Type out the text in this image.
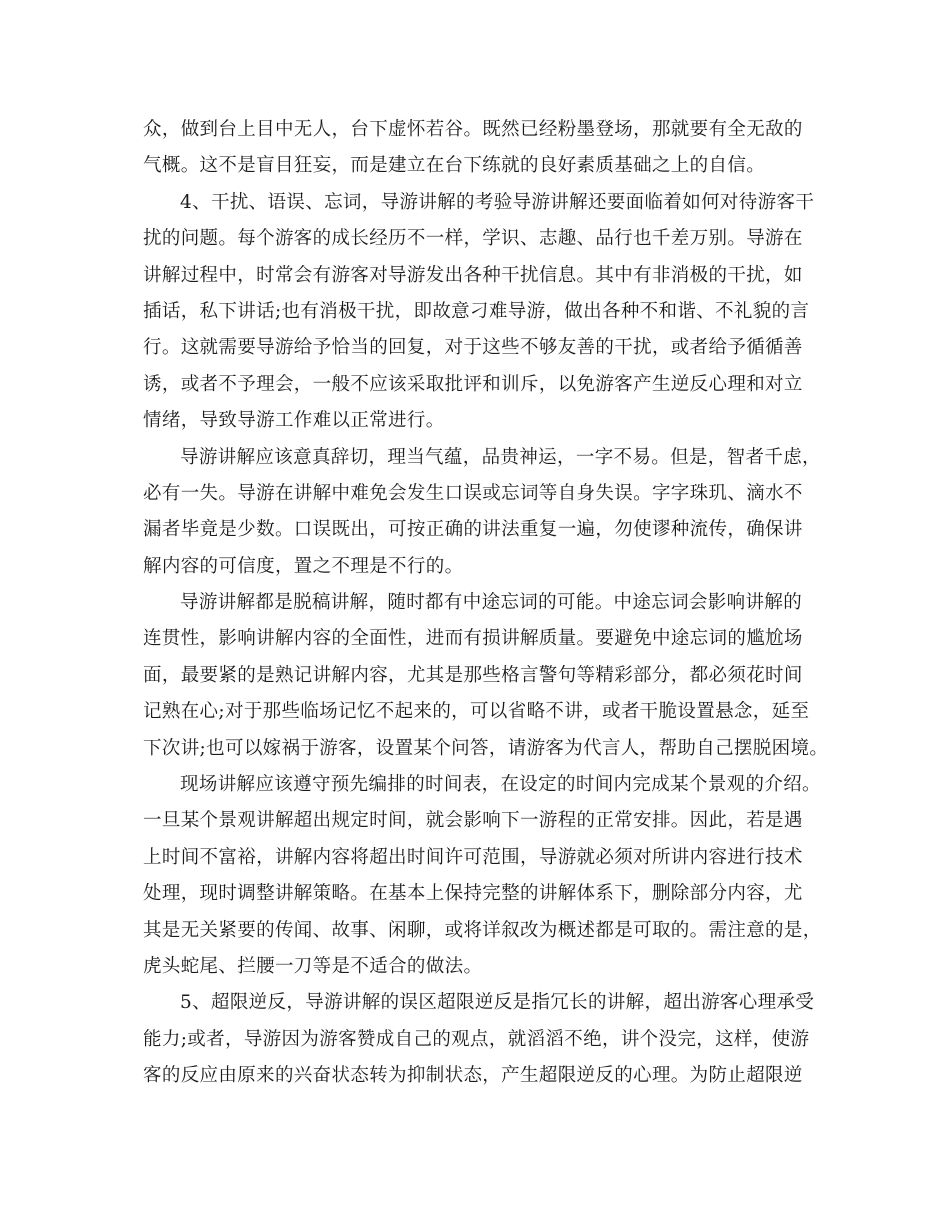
众，做到台上目中无人，台下虚怀若谷。既然已经粉墨登场，那就要有全无敌的
气概。这不是盲目狂妄，而是建立在台下练就的良好素质基础之上的自信。
4、干扰、语误、忘词，导游讲解的考验导游讲解还要面临着如何对待游客干
扰的问题。每个游客的成长经历不一样，学识、志趣、品行也千差万别。导游在
讲解过程中，时常会有游客对导游发出各种干扰信息。其中有非消极的干扰，如
插话，私下讲话;也有消极干扰，即故意刁难导游，做出各种不和谐、不礼貌的言
行。这就需要导游给予恰当的回复，对于这些不够友善的干扰，或者给予循循善
诱，或者不予理会，一般不应该采取批评和训斥，以免游客产生逆反心理和对立
情绪，导致导游工作难以正常进行。
导游讲解应该意真辞切，理当气蕴，品贵神运，一字不易。但是，智者千虑，
必有一失。导游在讲解中难免会发生口误或忘词等自身失误。字字珠玑、滴水不
漏者毕竟是少数。口误既出，可按正确的讲法重复一遍，勿使谬种流传，确保讲
解内容的可信度，置之不理是不行的。
导游讲解都是脱稿讲解，随时都有中途忘词的可能。中途忘词会影响讲解的
连贯性，影响讲解内容的全面性，进而有损讲解质量。要避免中途忘词的尴尬场
面，最要紧的是熟记讲解内容，尤其是那些格言警句等精彩部分，都必须花时间
记熟在心;对于那些临场记忆不起来的，可以省略不讲，或者干脆设置悬念，延至
下次讲;也可以嫁祸于游客，设置某个问答，请游客为代言人，帮助自己摆脱困境。
现场讲解应该遵守预先编排的时间表，在设定的时间内完成某个景观的介绍。
一旦某个景观讲解超出规定时间，就会影响下一游程的正常安排。因此，若是遇
上时间不富裕，讲解内容将超出时间许可范围，导游就必须对所讲内容进行技术
处理，现时调整讲解策略。在基本上保持完整的讲解体系下，删除部分内容，尤
其是无关紧要的传闻、故事、闲聊，或将详叙改为概述都是可取的。需注意的是，
虎头蛇尾、拦腰一刀等是不适合的做法。
5、超限逆反，导游讲解的误区超限逆反是指冗长的讲解，超出游客心理承受
能力;或者，导游因为游客赞成自己的观点，就滔滔不绝，讲个没完，这样，使游
客的反应由原来的兴奋状态转为抑制状态，产生超限逆反的心理。为防止超限逆
